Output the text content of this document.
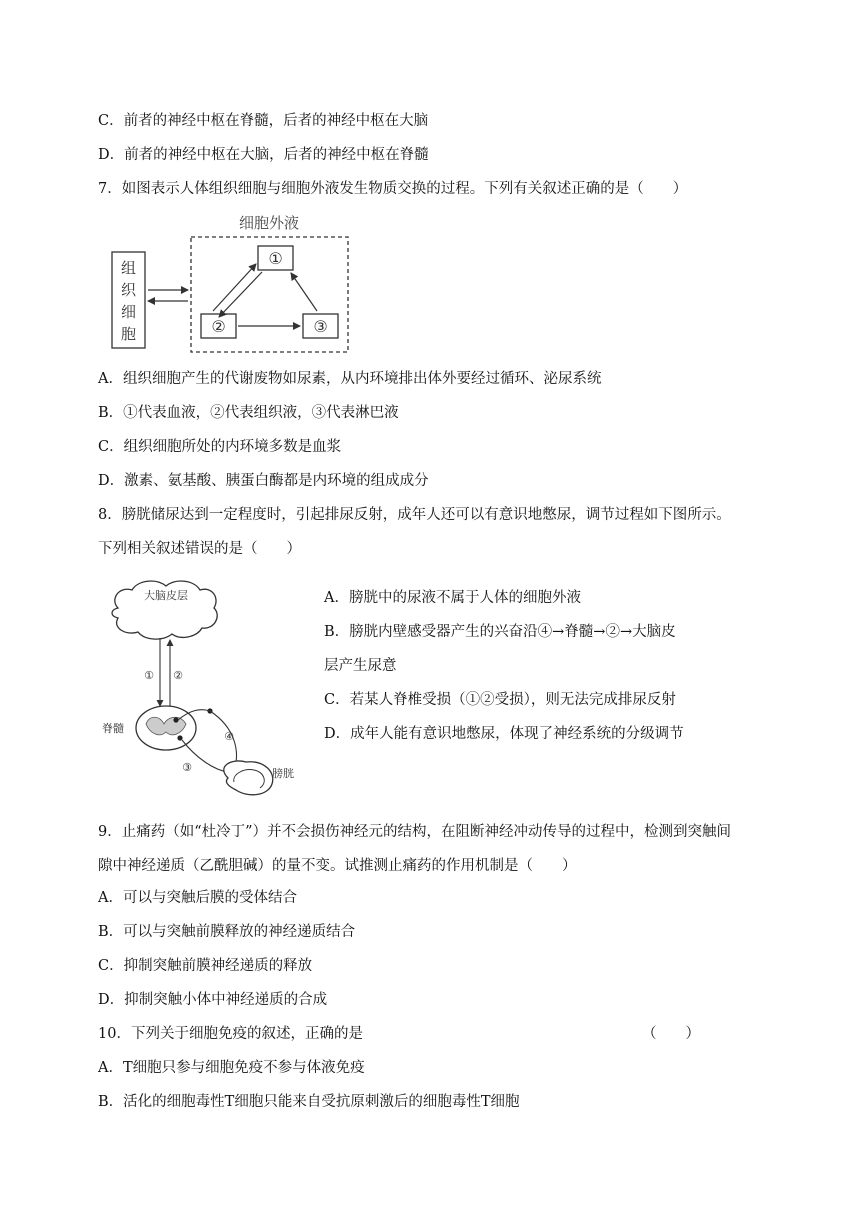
C．前者的神经中枢在脊髓，后者的神经中枢在大脑
D．前者的神经中枢在大脑，后者的神经中枢在脊髓
7．如图表示人体组织细胞与细胞外液发生物质交换的过程。下列有关叙述正确的是（　　）
细胞外液
组
织
细
胞
①
②	③
A．组织细胞产生的代谢废物如尿素，从内环境排出体外要经过循环、泌尿系统
B．①代表血液，②代表组织液，③代表淋巴液
C．组织细胞所处的内环境多数是血浆
D．激素、氨基酸、胰蛋白酶都是内环境的组成成分
8．膀胱储尿达到一定程度时，引起排尿反射，成年人还可以有意识地憋尿，调节过程如下图所示。
下列相关叙述错误的是（　　）
大脑皮层
① ②
脊髓
④
③	膀胱
A．膀胱中的尿液不属于人体的细胞外液
B．膀胱内壁感受器产生的兴奋沿④→脊髓→②→大脑皮
层产生尿意
C．若某人脊椎受损（①②受损），则无法完成排尿反射
D．成年人能有意识地憋尿，体现了神经系统的分级调节
9．止痛药（如“杜冷丁”）并不会损伤神经元的结构，在阻断神经冲动传导的过程中，检测到突触间
隙中神经递质（乙酰胆碱）的量不变。试推测止痛药的作用机制是（　　）
A．可以与突触后膜的受体结合
B．可以与突触前膜释放的神经递质结合
C．抑制突触前膜神经递质的释放
D．抑制突触小体中神经递质的合成
10．下列关于细胞免疫的叙述，正确的是	（　　）
A．T细胞只参与细胞免疫不参与体液免疫
B．活化的细胞毒性T细胞只能来自受抗原刺激后的细胞毒性T细胞
